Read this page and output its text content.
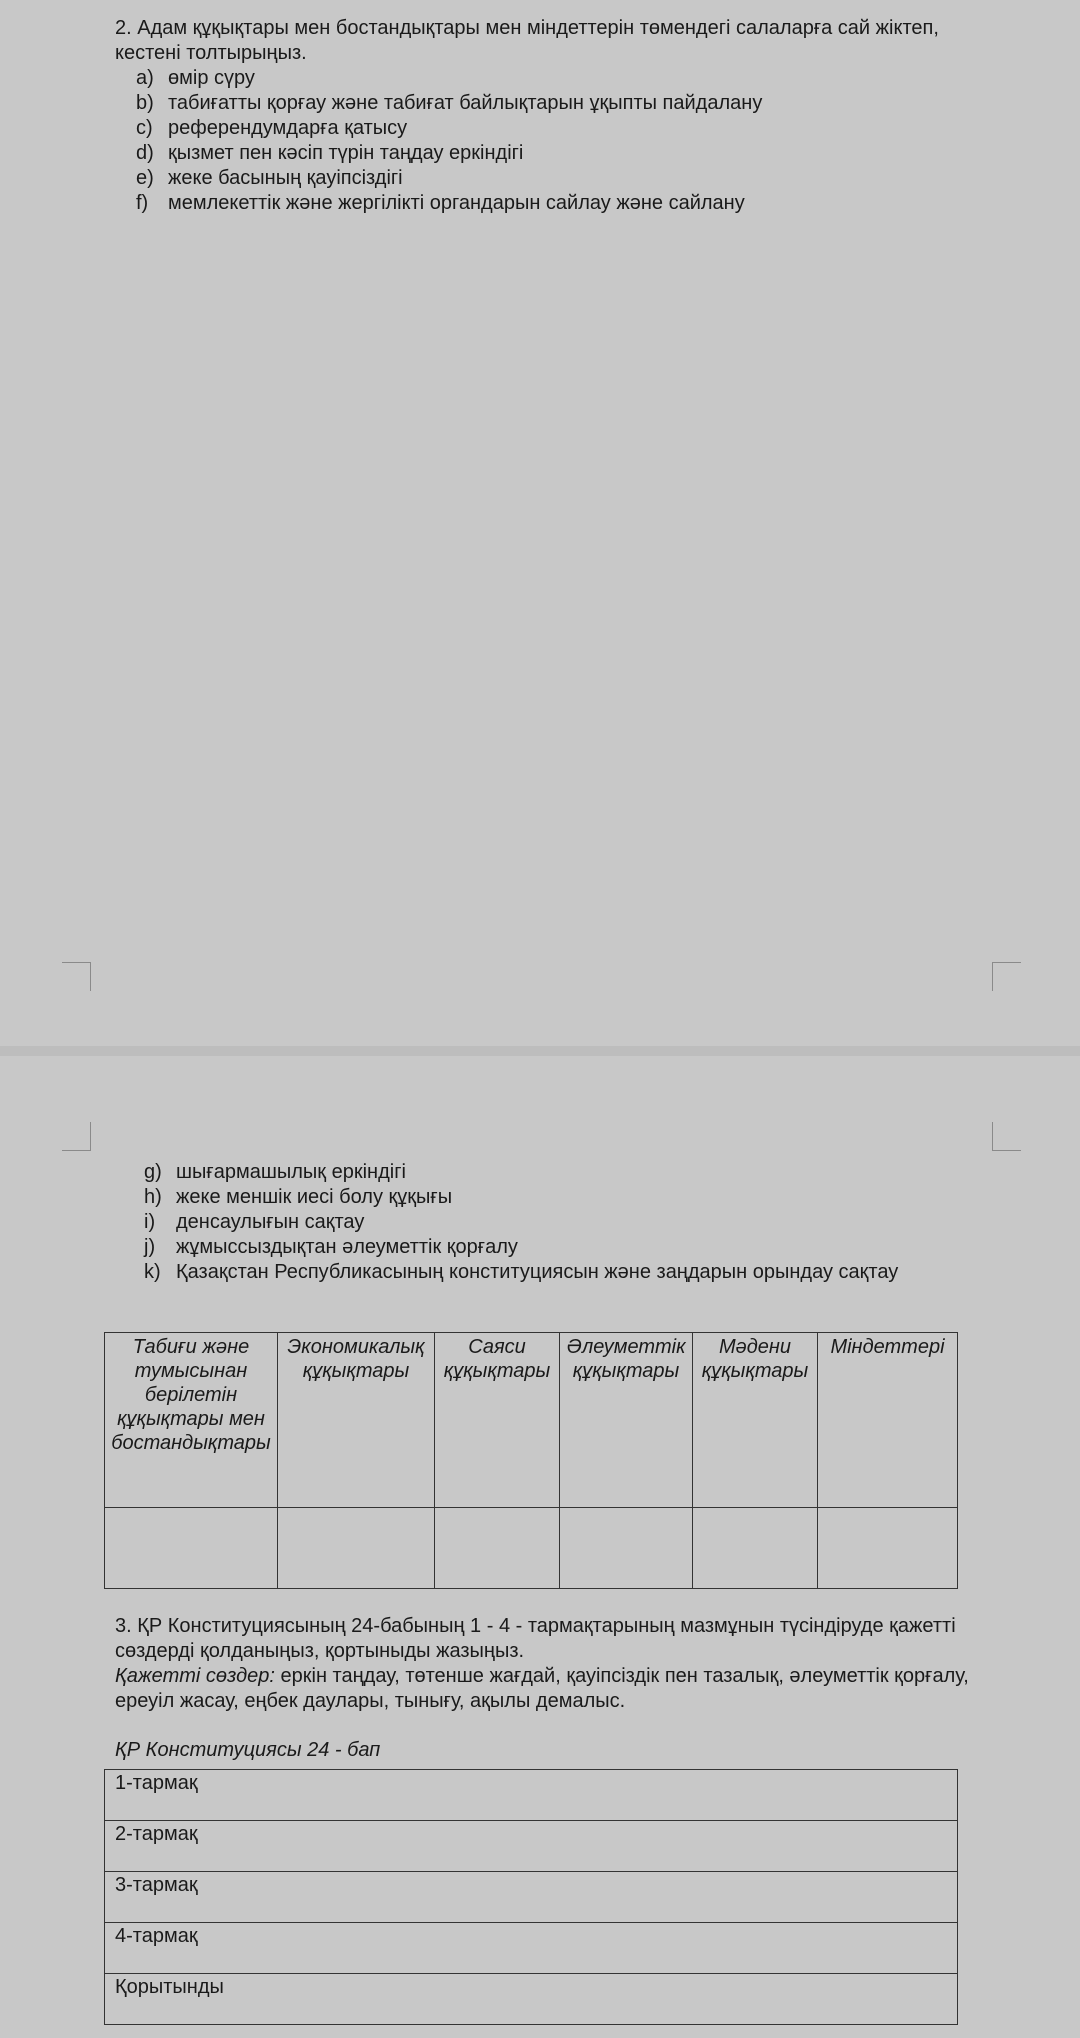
2. Адам құқықтары мен бостандықтары мен міндеттерін төмендегі салаларға сай жіктеп, кестені толтырыңыз.
a) өмір сүру
b) табиғатты қорғау және табиғат байлықтарын ұқыпты пайдалану
c) референдумдарға қатысу
d) қызмет пен кәсіп түрін таңдау еркіндігі
e) жеке басының қауіпсіздігі
f) мемлекеттік және жергілікті органдарын сайлау және сайлану
g) шығармашылық еркіндігі
h) жеке меншік иесі болу құқығы
i)	денсаулығын сақтау
j)	жұмыссыздықтан әлеуметтік қорғалу
k) Қазақстан Республикасының конституциясын және заңдарын орындау сақтау
Табиғи және тумысынан берілетін құқықтары мен бостандықтары	Экономикалық құқықтары	Саяси құқықтары	Әлеуметтік құқықтары	Мәдени құқықтары	Міндеттері

3. ҚР Конституциясының 24-бабының 1 - 4 - тармақтарының мазмұнын түсіндіруде қажетті сөздерді қолданыңыз, қортыныды жазыңыз.
Қажетті сөздер: еркін таңдау, төтенше жағдай, қауіпсіздік пен тазалық, әлеуметтік қорғалу, ереуіл жасау, еңбек даулары, тынығу, ақылы демалыс.
ҚР Конституциясы 24 - бап
1-тармақ
2-тармақ
3-тармақ
4-тармақ
Қорытынды
